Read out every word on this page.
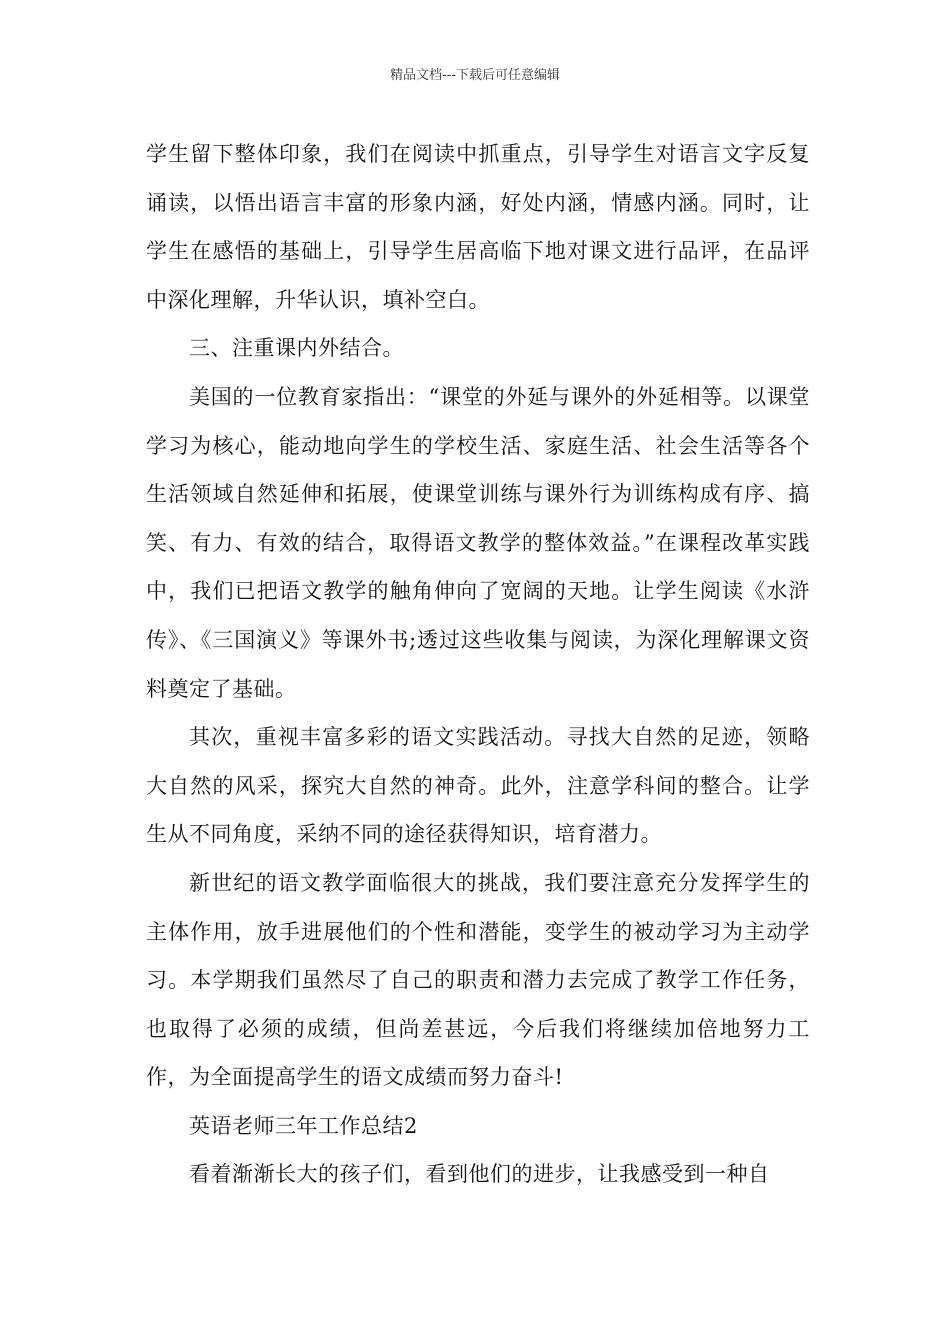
精品文档---下载后可任意编辑

学生留下整体印象，我们在阅读中抓重点，引导学生对语言文字反复诵读，以悟出语言丰富的形象内涵，好处内涵，情感内涵。同时，让学生在感悟的基础上，引导学生居高临下地对课文进行品评，在品评中深化理解，升华认识，填补空白。

三、注重课内外结合。

美国的一位教育家指出：“课堂的外延与课外的外延相等。以课堂学习为核心，能动地向学生的学校生活、家庭生活、社会生活等各个生活领域自然延伸和拓展，使课堂训练与课外行为训练构成有序、搞笑、有力、有效的结合，取得语文教学的整体效益。”在课程改革实践中，我们已把语文教学的触角伸向了宽阔的天地。让学生阅读《水浒传》、《三国演义》等课外书;透过这些收集与阅读，为深化理解课文资料奠定了基础。

其次，重视丰富多彩的语文实践活动。寻找大自然的足迹，领略大自然的风采，探究大自然的神奇。此外，注意学科间的整合。让学生从不同角度，采纳不同的途径获得知识，培育潜力。

新世纪的语文教学面临很大的挑战，我们要注意充分发挥学生的主体作用，放手进展他们的个性和潜能，变学生的被动学习为主动学习。本学期我们虽然尽了自己的职责和潜力去完成了教学工作任务，也取得了必须的成绩，但尚差甚远，今后我们将继续加倍地努力工作，为全面提高学生的语文成绩而努力奋斗!

英语老师三年工作总结2

看着渐渐长大的孩子们，看到他们的进步，让我感受到一种自
